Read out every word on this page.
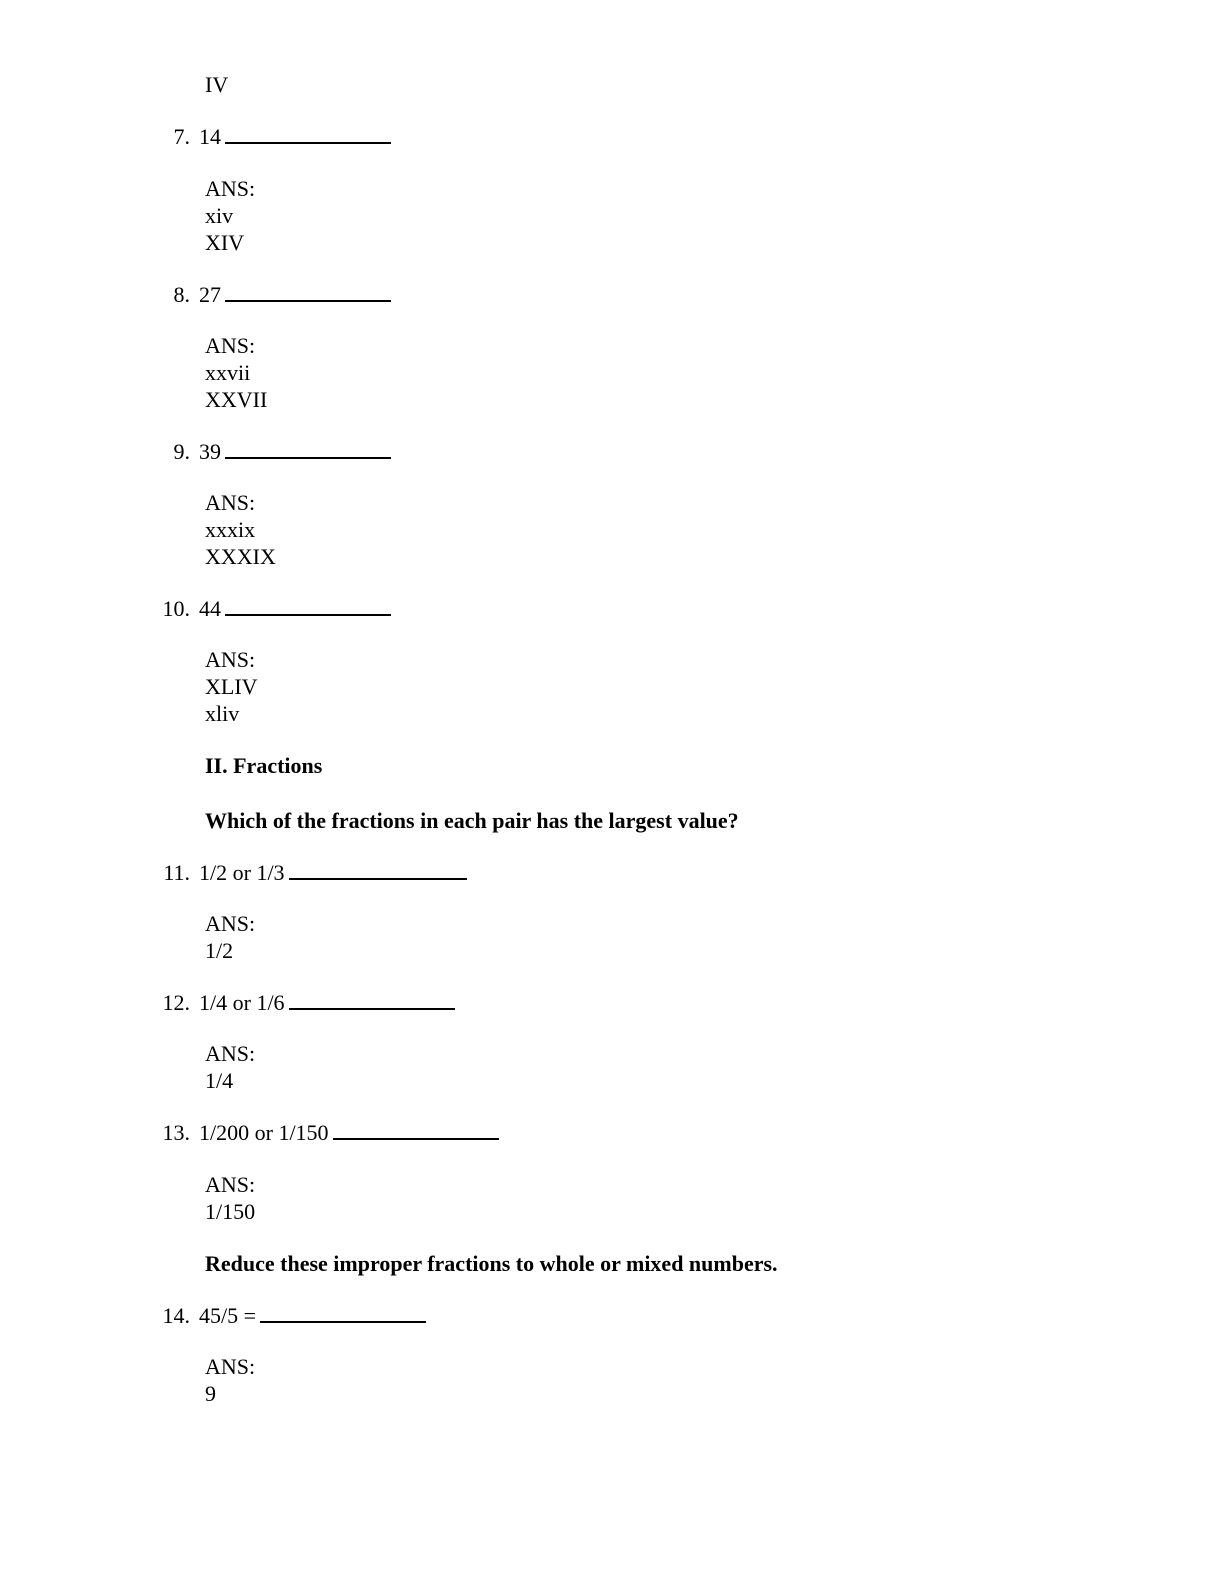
IV
7. 14
ANS:
xiv
XIV
8. 27
ANS:
xxvii
XXVII
9. 39
ANS:
xxxix
XXXIX
10. 44
ANS:
XLIV
xliv
II. Fractions
Which of the fractions in each pair has the largest value?
11. 1/2 or 1/3
ANS:
1/2
12. 1/4 or 1/6
ANS:
1/4
13. 1/200 or 1/150
ANS:
1/150
Reduce these improper fractions to whole or mixed numbers.
14. 45/5 =
ANS:
9
